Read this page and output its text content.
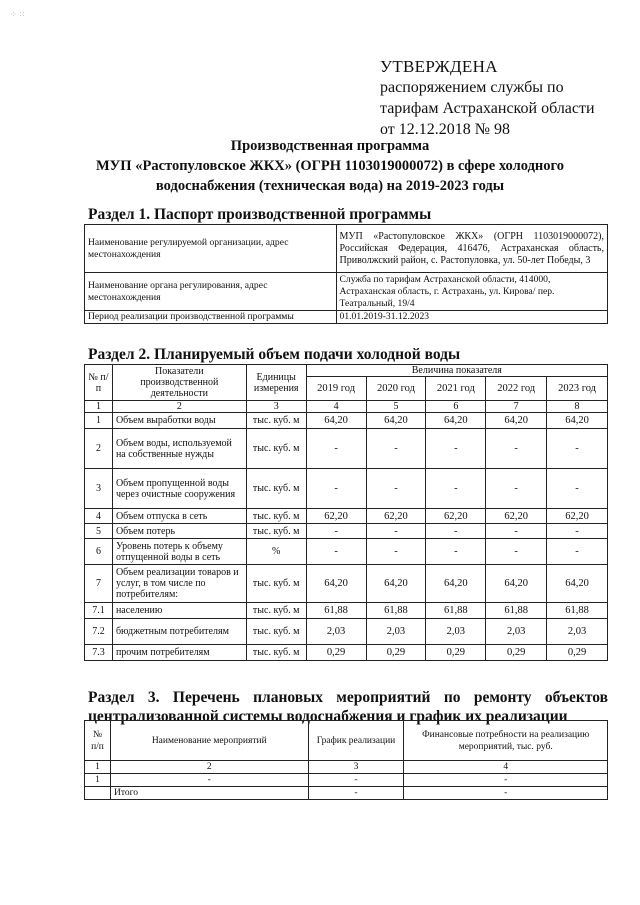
⁘ ⁙
УТВЕРЖДЕНА
распоряжением службы по
тарифам Астраханской области
от 12.12.2018 № 98
Производственная программа
МУП «Растопуловское ЖКХ» (ОГРН 1103019000072) в сфере холодного
водоснабжения (техническая вода) на 2019-2023 годы
Раздел 1. Паспорт производственной программы
Наименование регулируемой организации, адрес местонахождения	МУП «Растопуловское ЖКХ» (ОГРН 1103019000072), Российская Федерация, 416476, Астраханская область, Приволжский район, с. Растопуловка, ул. 50-лет Победы, 3
Наименование органа регулирования, адрес местонахождения	Служба по тарифам Астраханской области, 414000, Астраханская область, г. Астрахань, ул. Кирова/ пер. Театральный, 19/4
Период реализации производственной программы	01.01.2019-31.12.2023
Раздел 2. Планируемый объем подачи холодной воды
№ п/п	Показатели производственной деятельности	Единицы измерения	Величина показателя				
			2019 год	2020 год	2021 год	2022 год	2023 год
1	2	3	4	5	6	7	8
1	Объем выработки воды	тыс. куб. м	64,20	64,20	64,20	64,20	64,20
2	Объем воды, используемой на собственные нужды	тыс. куб. м	-	-	-	-	-
3	Объем пропущенной воды через очистные сооружения	тыс. куб. м	-	-	-	-	-
4	Объем отпуска в сеть	тыс. куб. м	62,20	62,20	62,20	62,20	62,20
5	Объем потерь	тыс. куб. м	-	-	-	-	-
6	Уровень потерь к объему отпущенной воды в сеть	%	-	-	-	-	-
7	Объем реализации товаров и услуг, в том числе по потребителям:	тыс. куб. м	64,20	64,20	64,20	64,20	64,20
7.1	населению	тыс. куб. м	61,88	61,88	61,88	61,88	61,88
7.2	бюджетным потребителям	тыс. куб. м	2,03	2,03	2,03	2,03	2,03
7.3	прочим потребителям	тыс. куб. м	0,29	0,29	0,29	0,29	0,29
Раздел 3. Перечень плановых мероприятий по ремонту объектов
централизованной системы водоснабжения и график их реализации
№ п/п	Наименование мероприятий	График реализации	Финансовые потребности на реализацию мероприятий, тыс. руб.
1	2	3	4
1	-	-	-
	Итого	-	-
